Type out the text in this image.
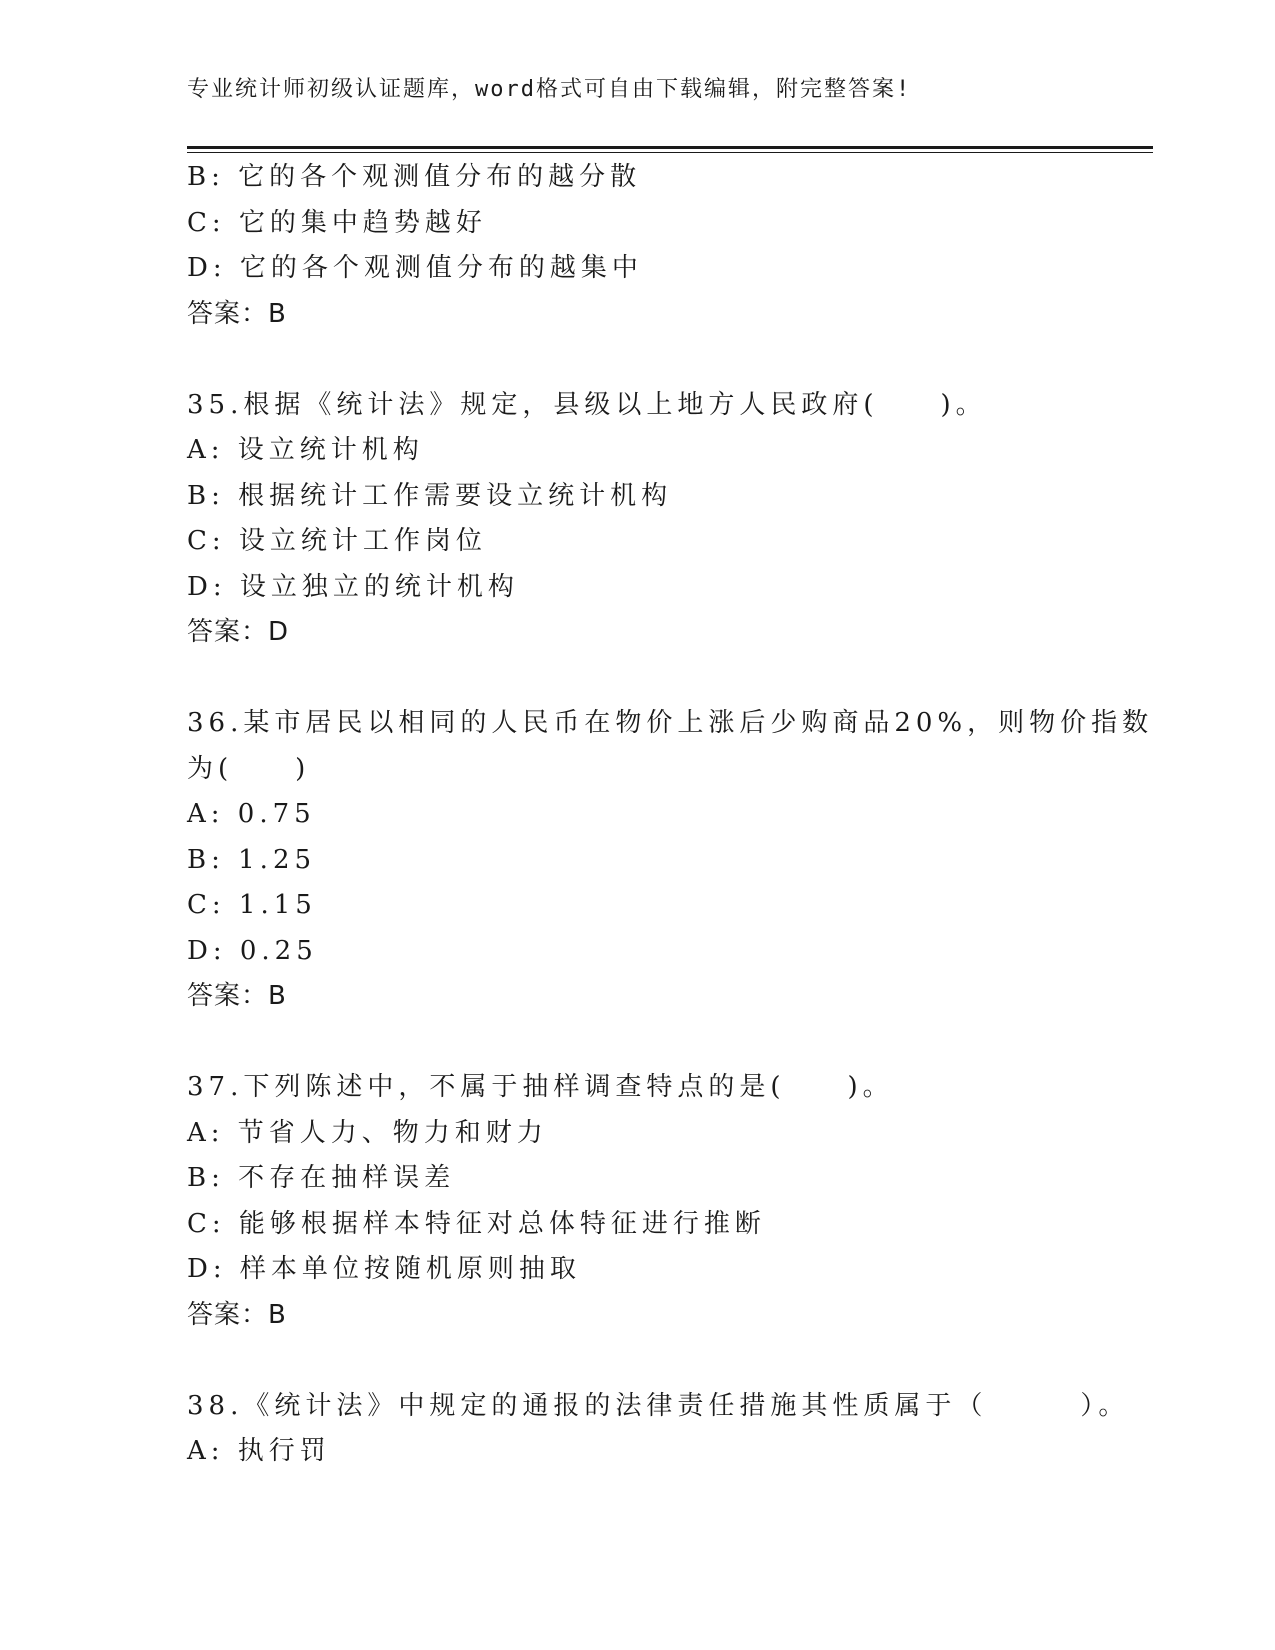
专业统计师初级认证题库，word格式可自由下载编辑，附完整答案!
B: 它的各个观测值分布的越分散
C: 它的集中趋势越好
D: 它的各个观测值分布的越集中
答案：B
35.根据《统计法》规定，县级以上地方人民政府(　　)。
A: 设立统计机构
B: 根据统计工作需要设立统计机构
C: 设立统计工作岗位
D: 设立独立的统计机构
答案：D
36.某市居民以相同的人民币在物价上涨后少购商品20%，则物价指数
为(　　)
A: 0.75
B: 1.25
C: 1.15
D: 0.25
答案：B
37.下列陈述中，不属于抽样调查特点的是(　　)。
A: 节省人力、物力和财力
B: 不存在抽样误差
C: 能够根据样本特征对总体特征进行推断
D: 样本单位按随机原则抽取
答案：B
38.《统计法》中规定的通报的法律责任措施其性质属于（　　　）。
A: 执行罚
